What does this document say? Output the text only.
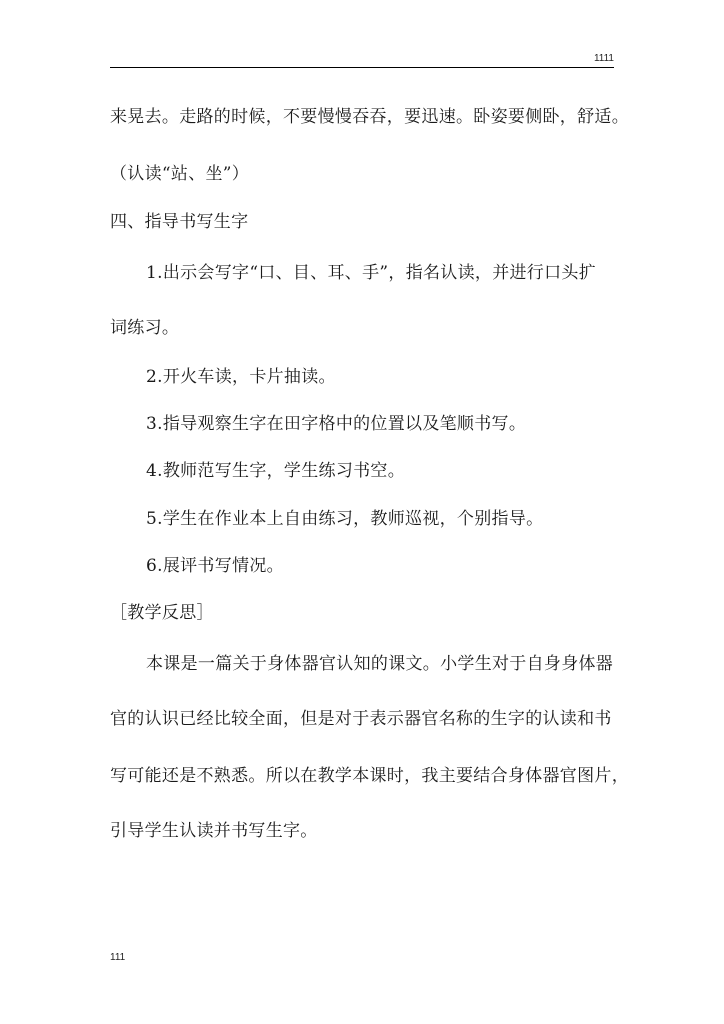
1111
来晃去。走路的时候，不要慢慢吞吞，要迅速。卧姿要侧卧，舒适。
（认读“站、坐”）
四、指导书写生字
1.出示会写字“口、目、耳、手”，指名认读，并进行口头扩
词练习。
2.开火车读，卡片抽读。
3.指导观察生字在田字格中的位置以及笔顺书写。
4.教师范写生字，学生练习书空。
5.学生在作业本上自由练习，教师巡视，个别指导。
6.展评书写情况。
［教学反思］
本课是一篇关于身体器官认知的课文。小学生对于自身身体器
官的认识已经比较全面，但是对于表示器官名称的生字的认读和书
写可能还是不熟悉。所以在教学本课时，我主要结合身体器官图片，
引导学生认读并书写生字。
111
